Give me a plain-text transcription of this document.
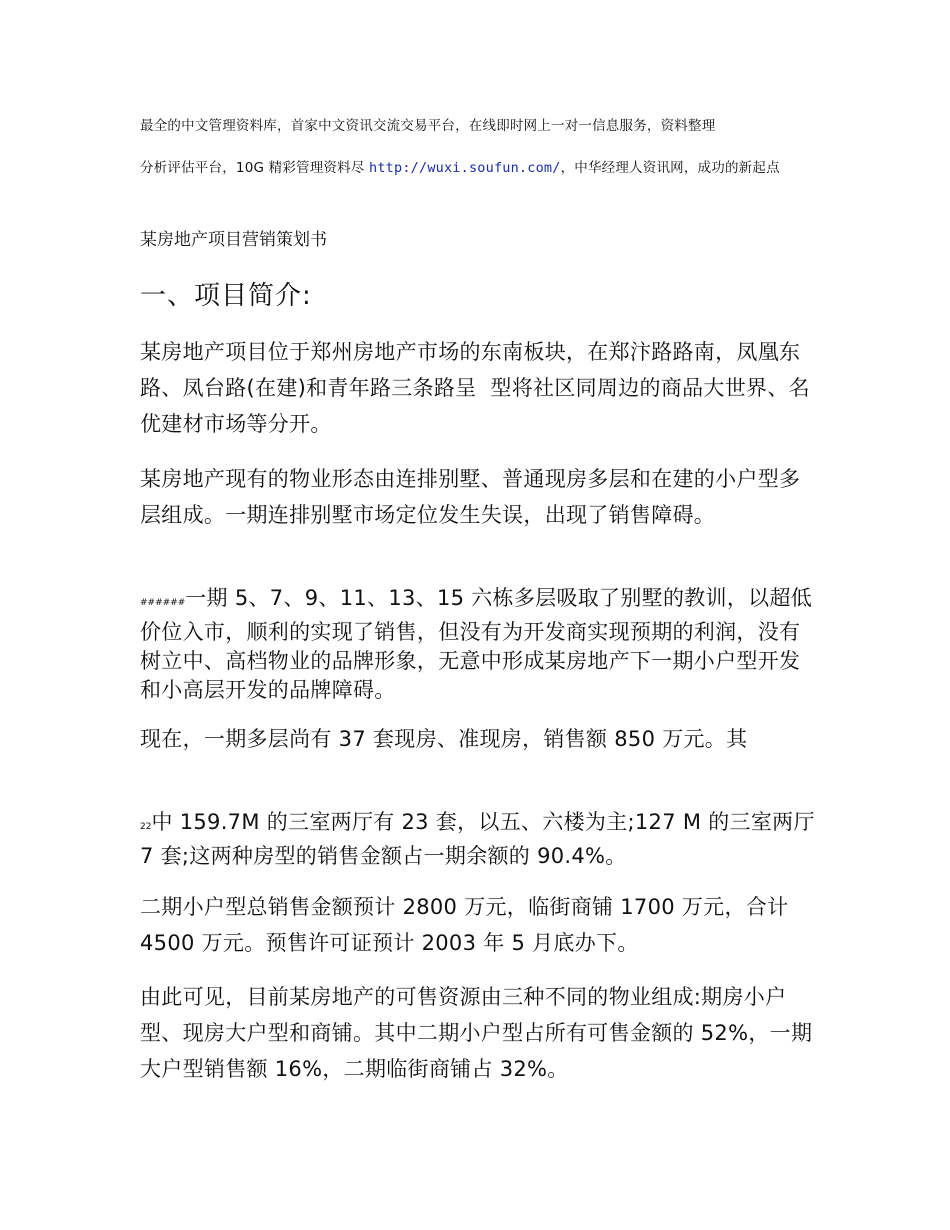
最全的中文管理资料库，首家中文资讯交流交易平台，在线即时网上一对一信息服务，资料整理

分析评估平台，10G 精彩管理资料尽 http://wuxi.soufun.com/，中华经理人资讯网，成功的新起点

某房地产项目营销策划书

一、项目简介:

某房地产项目位于郑州房地产市场的东南板块，在郑汴路路南，凤凰东路、凤台路(在建)和青年路三条路呈  型将社区同周边的商品大世界、名优建材市场等分开。

某房地产现有的物业形态由连排别墅、普通现房多层和在建的小户型多层组成。一期连排别墅市场定位发生失误，出现了销售障碍。

######一期 5、7、9、11、13、15 六栋多层吸取了别墅的教训，以超低价位入市，顺利的实现了销售，但没有为开发商实现预期的利润，没有树立中、高档物业的品牌形象，无意中形成某房地产下一期小户型开发和小高层开发的品牌障碍。

现在，一期多层尚有 37 套现房、准现房，销售额 850 万元。其

22中 159.7M 的三室两厅有 23 套，以五、六楼为主;127 M 的三室两厅 7 套;这两种房型的销售金额占一期余额的 90.4%。

二期小户型总销售金额预计 2800 万元，临街商铺 1700 万元，合计 4500 万元。预售许可证预计 2003 年 5 月底办下。

由此可见，目前某房地产的可售资源由三种不同的物业组成:期房小户型、现房大户型和商铺。其中二期小户型占所有可售金额的 52%，一期大户型销售额 16%，二期临街商铺占 32%。
